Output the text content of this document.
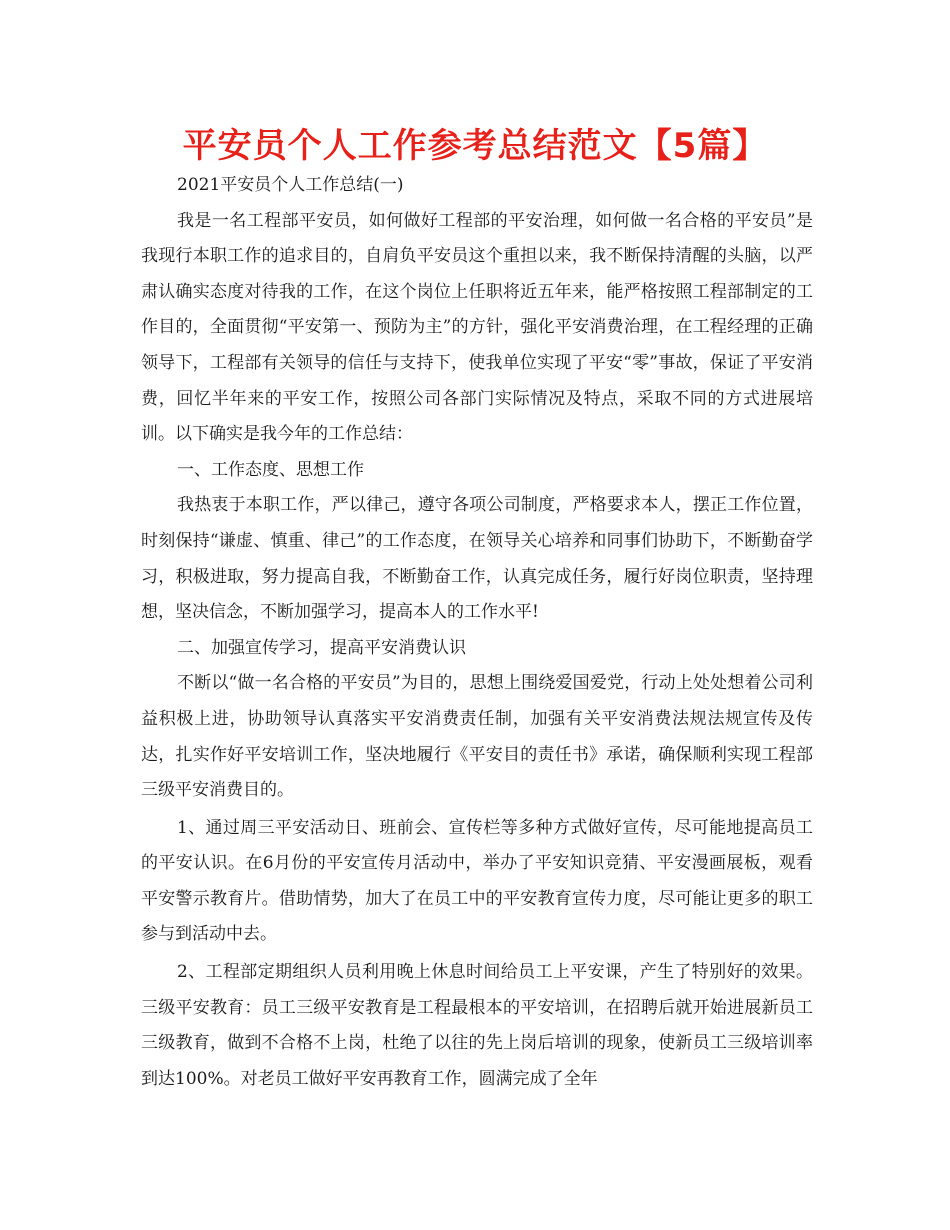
平安员个人工作参考总结范文【5篇】

2021平安员个人工作总结(一)

我是一名工程部平安员，如何做好工程部的平安治理，如何做一名合格的平安员”是我现行本职工作的追求目的，自肩负平安员这个重担以来，我不断保持清醒的头脑，以严肃认确实态度对待我的工作，在这个岗位上任职将近五年来，能严格按照工程部制定的工作目的，全面贯彻“平安第一、预防为主”的方针，强化平安消费治理，在工程经理的正确领导下，工程部有关领导的信任与支持下，使我单位实现了平安“零”事故，保证了平安消费，回忆半年来的平安工作，按照公司各部门实际情况及特点，采取不同的方式进展培训。以下确实是我今年的工作总结：

一、工作态度、思想工作

我热衷于本职工作，严以律己，遵守各项公司制度，严格要求本人，摆正工作位置，时刻保持“谦虚、慎重、律己”的工作态度，在领导关心培养和同事们协助下，不断勤奋学习，积极进取，努力提高自我，不断勤奋工作，认真完成任务，履行好岗位职责，坚持理想，坚决信念，不断加强学习，提高本人的工作水平!

二、加强宣传学习，提高平安消费认识

不断以“做一名合格的平安员”为目的，思想上围绕爱国爱党，行动上处处想着公司利益积极上进，协助领导认真落实平安消费责任制，加强有关平安消费法规法规宣传及传达，扎实作好平安培训工作，坚决地履行《平安目的责任书》承诺，确保顺利实现工程部三级平安消费目的。

1、通过周三平安活动日、班前会、宣传栏等多种方式做好宣传，尽可能地提高员工的平安认识。在6月份的平安宣传月活动中，举办了平安知识竞猜、平安漫画展板，观看平安警示教育片。借助情势，加大了在员工中的平安教育宣传力度，尽可能让更多的职工参与到活动中去。

2、工程部定期组织人员利用晚上休息时间给员工上平安课，产生了特别好的效果。三级平安教育：员工三级平安教育是工程最根本的平安培训，在招聘后就开始进展新员工三级教育，做到不合格不上岗，杜绝了以往的先上岗后培训的现象，使新员工三级培训率到达100%。对老员工做好平安再教育工作，圆满完成了全年
